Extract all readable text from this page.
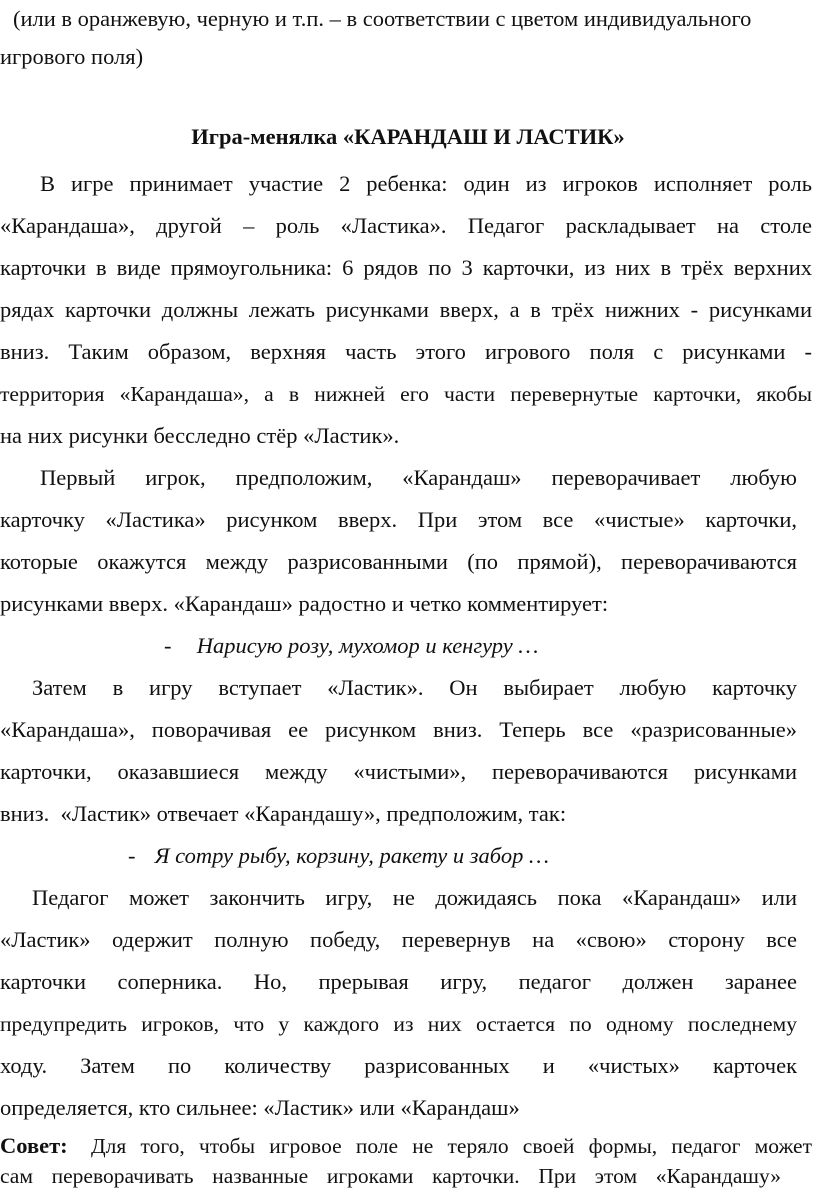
(или в оранжевую, черную и т.п. – в соответствии с цветом индивидуального
игрового поля)
Игра-менялка «КАРАНДАШ И ЛАСТИК»
В игре принимает участие 2 ребенка: один из игроков исполняет роль
«Карандаша», другой – роль «Ластика». Педагог раскладывает на столе
карточки в виде прямоугольника: 6 рядов по 3 карточки, из них в трёх верхних
рядах карточки должны лежать рисунками вверх, а в трёх нижних - рисунками
вниз. Таким образом, верхняя часть этого игрового поля с рисунками -
территория «Карандаша», а в нижней его части перевернутые карточки, якобы
на них рисунки бесследно стёр «Ластик».
Первый игрок, предположим, «Карандаш» переворачивает любую
карточку «Ластика» рисунком вверх. При этом все «чистые» карточки,
которые окажутся между разрисованными (по прямой), переворачиваются
рисунками вверх. «Карандаш» радостно и четко комментирует:
- Нарисую розу, мухомор и кенгуру …
Затем в игру вступает «Ластик». Он выбирает любую карточку
«Карандаша», поворачивая ее рисунком вниз. Теперь все «разрисованные»
карточки, оказавшиеся между «чистыми», переворачиваются рисунками
вниз.  «Ластик» отвечает «Карандашу», предположим, так:
- Я сотру рыбу, корзину, ракету и забор …
Педагог может закончить игру, не дожидаясь пока «Карандаш» или
«Ластик» одержит полную победу, перевернув на «свою» сторону все
карточки соперника. Но, прерывая игру, педагог должен заранее
предупредить игроков, что у каждого из них остается по одному последнему
ходу. Затем по количеству разрисованных и «чистых» карточек
определяется, кто сильнее: «Ластик» или «Карандаш»
Совет:	Для того, чтобы игровое поле не теряло своей формы, педагог может
сам переворачивать названные игроками карточки. При этом «Карандашу»
